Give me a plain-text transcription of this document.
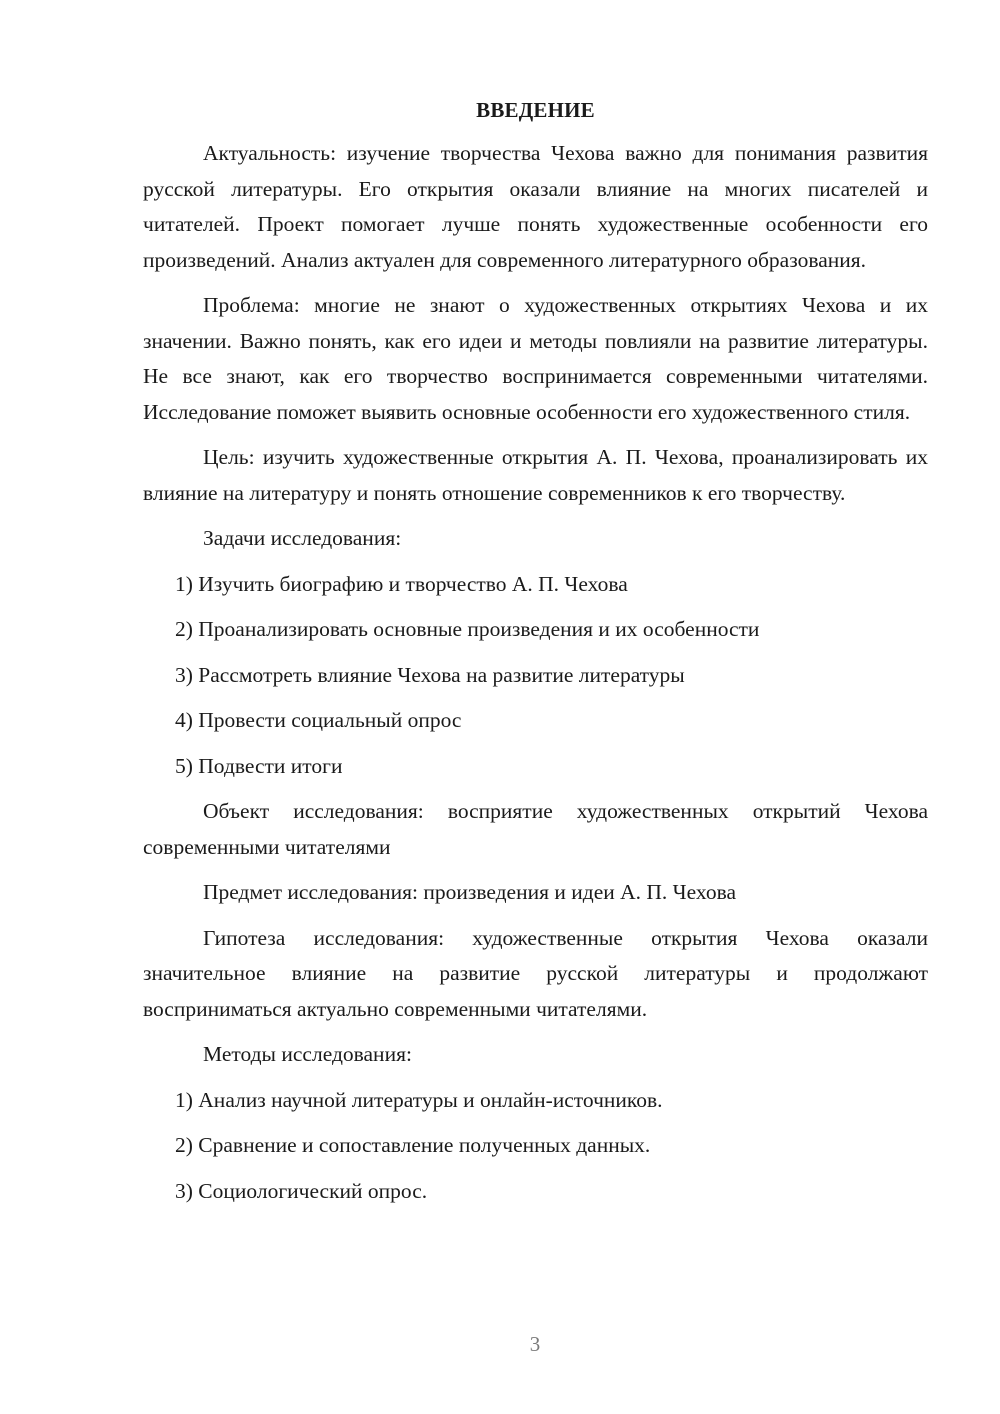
ВВЕДЕНИЕ

Актуальность: изучение творчества Чехова важно для понимания развития русской литературы. Его открытия оказали влияние на многих писателей и читателей. Проект помогает лучше понять художественные особенности его произведений. Анализ актуален для современного литературного образования.

Проблема: многие не знают о художественных открытиях Чехова и их значении. Важно понять, как его идеи и методы повлияли на развитие литературы. Не все знают, как его творчество воспринимается современными читателями. Исследование поможет выявить основные особенности его художественного стиля.

Цель: изучить художественные открытия А. П. Чехова, проанализировать их влияние на литературу и понять отношение современников к его творчеству.

Задачи исследования:

1) Изучить биографию и творчество А. П. Чехова
2) Проанализировать основные произведения и их особенности
3) Рассмотреть влияние Чехова на развитие литературы
4) Провести социальный опрос
5) Подвести итоги

Объект исследования: восприятие художественных открытий Чехова современными читателями

Предмет исследования: произведения и идеи А. П. Чехова

Гипотеза исследования: художественные открытия Чехова оказали значительное влияние на развитие русской литературы и продолжают восприниматься актуально современными читателями.

Методы исследования:

1) Анализ научной литературы и онлайн-источников.
2) Сравнение и сопоставление полученных данных.
3) Социологический опрос.
3
